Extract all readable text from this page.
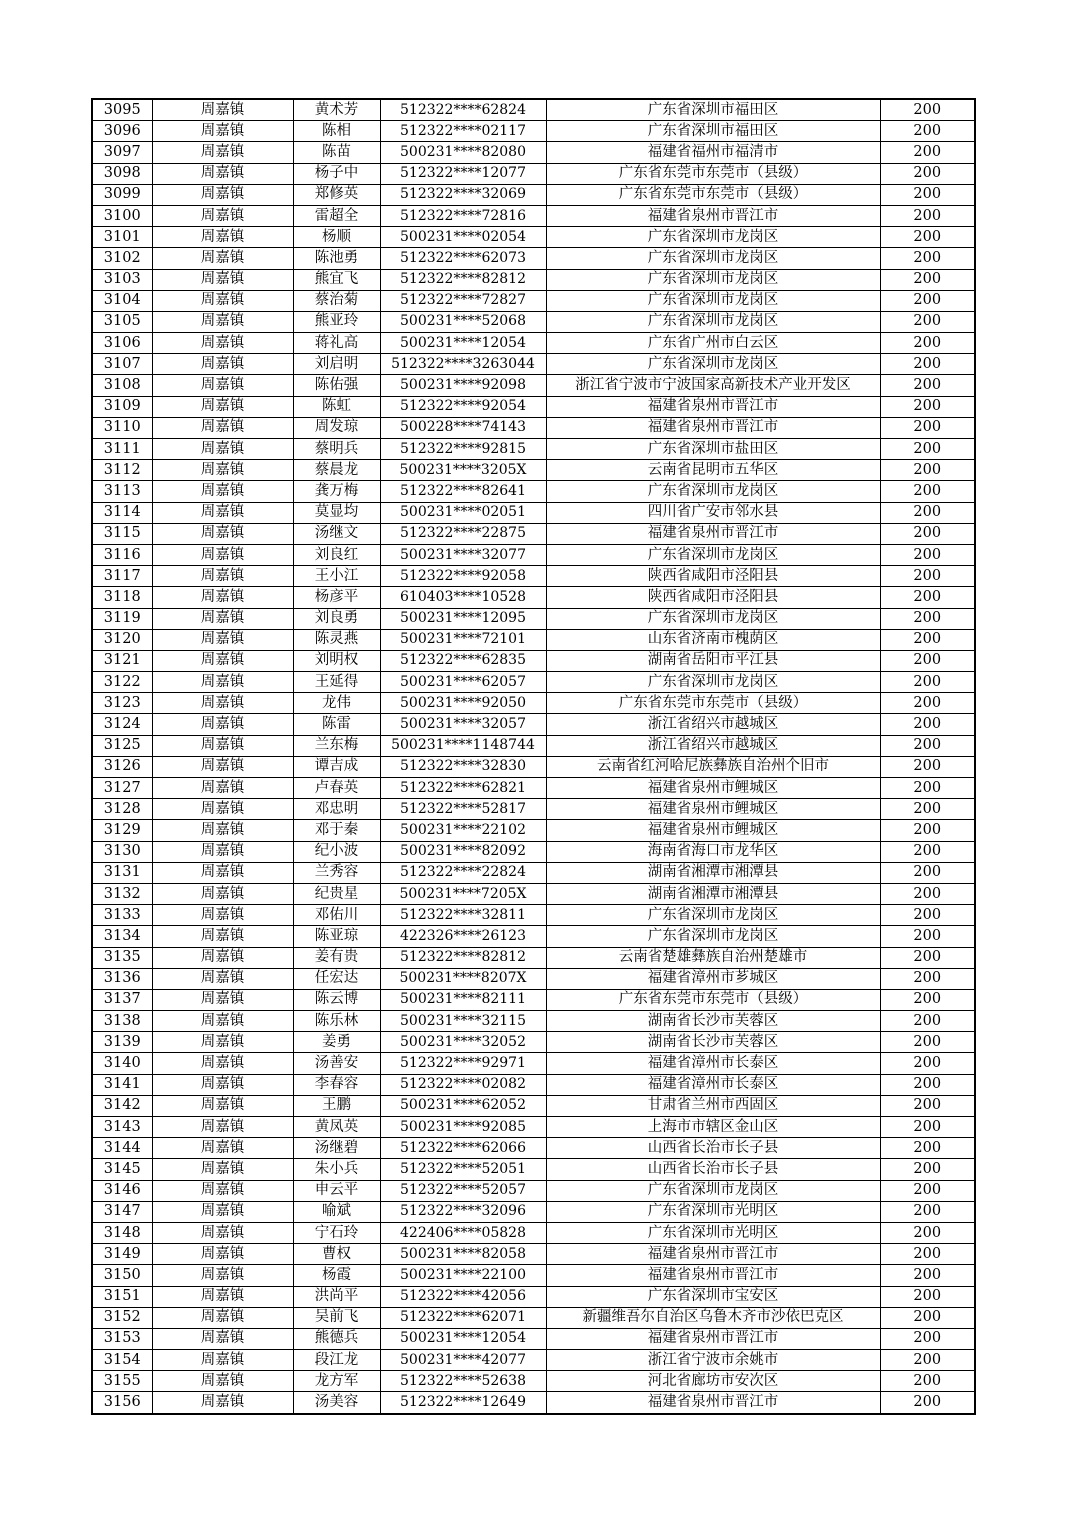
3095	周嘉镇	黄术芳	512322****62824	广东省深圳市福田区	200
3096	周嘉镇	陈相	512322****02117	广东省深圳市福田区	200
3097	周嘉镇	陈苗	500231****82080	福建省福州市福清市	200
3098	周嘉镇	杨子中	512322****12077	广东省东莞市东莞市（县级）	200
3099	周嘉镇	郑修英	512322****32069	广东省东莞市东莞市（县级）	200
3100	周嘉镇	雷超全	512322****72816	福建省泉州市晋江市	200
3101	周嘉镇	杨顺	500231****02054	广东省深圳市龙岗区	200
3102	周嘉镇	陈池勇	512322****62073	广东省深圳市龙岗区	200
3103	周嘉镇	熊宜飞	512322****82812	广东省深圳市龙岗区	200
3104	周嘉镇	蔡治菊	512322****72827	广东省深圳市龙岗区	200
3105	周嘉镇	熊亚玲	500231****52068	广东省深圳市龙岗区	200
3106	周嘉镇	蒋礼高	500231****12054	广东省广州市白云区	200
3107	周嘉镇	刘启明	512322****3263044	广东省深圳市龙岗区	200
3108	周嘉镇	陈佑强	500231****92098	浙江省宁波市宁波国家高新技术产业开发区	200
3109	周嘉镇	陈虹	512322****92054	福建省泉州市晋江市	200
3110	周嘉镇	周发琼	500228****74143	福建省泉州市晋江市	200
3111	周嘉镇	蔡明兵	512322****92815	广东省深圳市盐田区	200
3112	周嘉镇	蔡晨龙	500231****3205X	云南省昆明市五华区	200
3113	周嘉镇	龚万梅	512322****82641	广东省深圳市龙岗区	200
3114	周嘉镇	莫显均	500231****02051	四川省广安市邻水县	200
3115	周嘉镇	汤继文	512322****22875	福建省泉州市晋江市	200
3116	周嘉镇	刘良红	500231****32077	广东省深圳市龙岗区	200
3117	周嘉镇	王小江	512322****92058	陕西省咸阳市泾阳县	200
3118	周嘉镇	杨彦平	610403****10528	陕西省咸阳市泾阳县	200
3119	周嘉镇	刘良勇	500231****12095	广东省深圳市龙岗区	200
3120	周嘉镇	陈灵燕	500231****72101	山东省济南市槐荫区	200
3121	周嘉镇	刘明权	512322****62835	湖南省岳阳市平江县	200
3122	周嘉镇	王延得	500231****62057	广东省深圳市龙岗区	200
3123	周嘉镇	龙伟	500231****92050	广东省东莞市东莞市（县级）	200
3124	周嘉镇	陈雷	500231****32057	浙江省绍兴市越城区	200
3125	周嘉镇	兰东梅	500231****1148744	浙江省绍兴市越城区	200
3126	周嘉镇	谭吉成	512322****32830	云南省红河哈尼族彝族自治州个旧市	200
3127	周嘉镇	卢春英	512322****62821	福建省泉州市鲤城区	200
3128	周嘉镇	邓忠明	512322****52817	福建省泉州市鲤城区	200
3129	周嘉镇	邓于秦	500231****22102	福建省泉州市鲤城区	200
3130	周嘉镇	纪小波	500231****82092	海南省海口市龙华区	200
3131	周嘉镇	兰秀容	512322****22824	湖南省湘潭市湘潭县	200
3132	周嘉镇	纪贵星	500231****7205X	湖南省湘潭市湘潭县	200
3133	周嘉镇	邓佑川	512322****32811	广东省深圳市龙岗区	200
3134	周嘉镇	陈亚琼	422326****26123	广东省深圳市龙岗区	200
3135	周嘉镇	姜有贵	512322****82812	云南省楚雄彝族自治州楚雄市	200
3136	周嘉镇	任宏达	500231****8207X	福建省漳州市芗城区	200
3137	周嘉镇	陈云博	500231****82111	广东省东莞市东莞市（县级）	200
3138	周嘉镇	陈乐林	500231****32115	湖南省长沙市芙蓉区	200
3139	周嘉镇	姜勇	500231****32052	湖南省长沙市芙蓉区	200
3140	周嘉镇	汤善安	512322****92971	福建省漳州市长泰区	200
3141	周嘉镇	李春容	512322****02082	福建省漳州市长泰区	200
3142	周嘉镇	王鹏	500231****62052	甘肃省兰州市西固区	200
3143	周嘉镇	黄凤英	500231****92085	上海市市辖区金山区	200
3144	周嘉镇	汤继碧	512322****62066	山西省长治市长子县	200
3145	周嘉镇	朱小兵	512322****52051	山西省长治市长子县	200
3146	周嘉镇	申云平	512322****52057	广东省深圳市龙岗区	200
3147	周嘉镇	喻斌	512322****32096	广东省深圳市光明区	200
3148	周嘉镇	宁石玲	422406****05828	广东省深圳市光明区	200
3149	周嘉镇	曹权	500231****82058	福建省泉州市晋江市	200
3150	周嘉镇	杨霞	500231****22100	福建省泉州市晋江市	200
3151	周嘉镇	洪尚平	512322****42056	广东省深圳市宝安区	200
3152	周嘉镇	吴前飞	512322****62071	新疆维吾尔自治区乌鲁木齐市沙依巴克区	200
3153	周嘉镇	熊德兵	500231****12054	福建省泉州市晋江市	200
3154	周嘉镇	段江龙	500231****42077	浙江省宁波市余姚市	200
3155	周嘉镇	龙方军	512322****52638	河北省廊坊市安次区	200
3156	周嘉镇	汤美容	512322****12649	福建省泉州市晋江市	200
